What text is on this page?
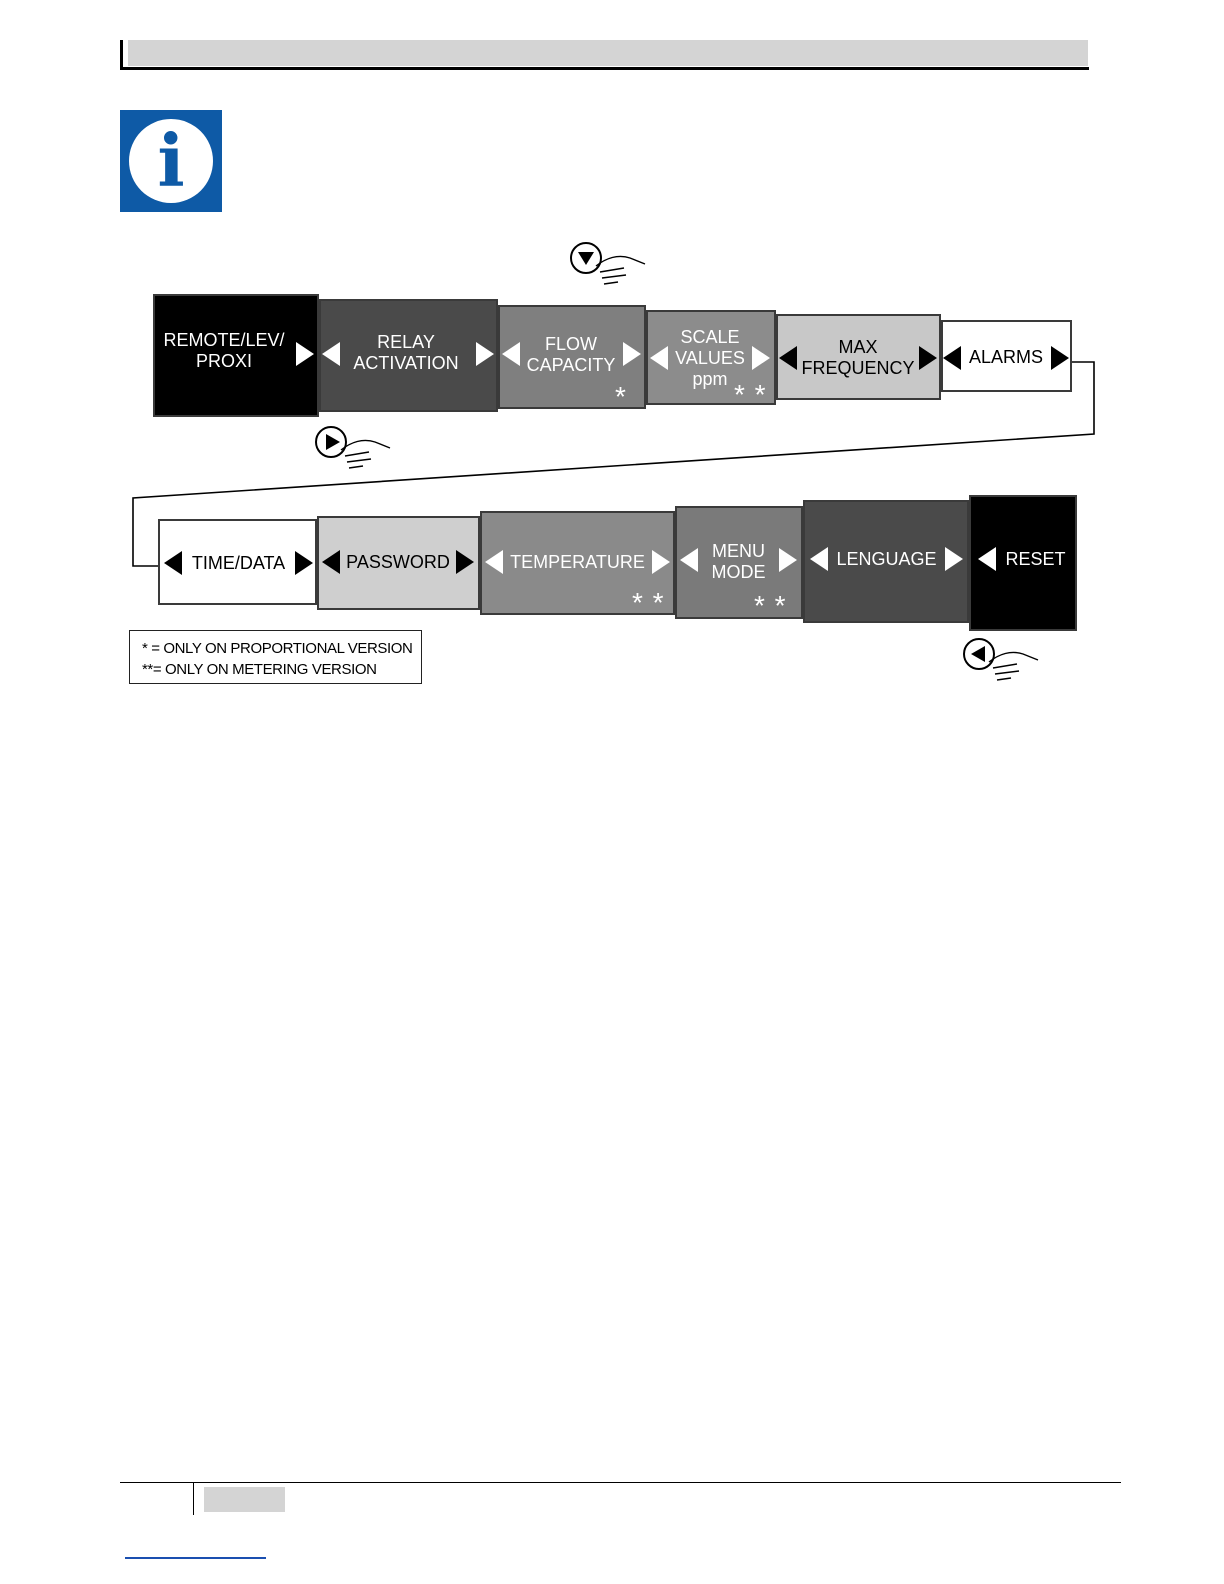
i
REMOTE/LEV/
PROXI
RELAY
ACTIVATION
FLOW
CAPACITY
SCALE
VALUES
ppm
MAX
FREQUENCY
ALARMS
*	* *
TIME/DATA	PASSWORD	TEMPERATURE
MENU
MODE
LENGUAGE	RESET
* *	* *
* = ONLY ON PROPORTIONAL VERSION
**= ONLY ON METERING VERSION
